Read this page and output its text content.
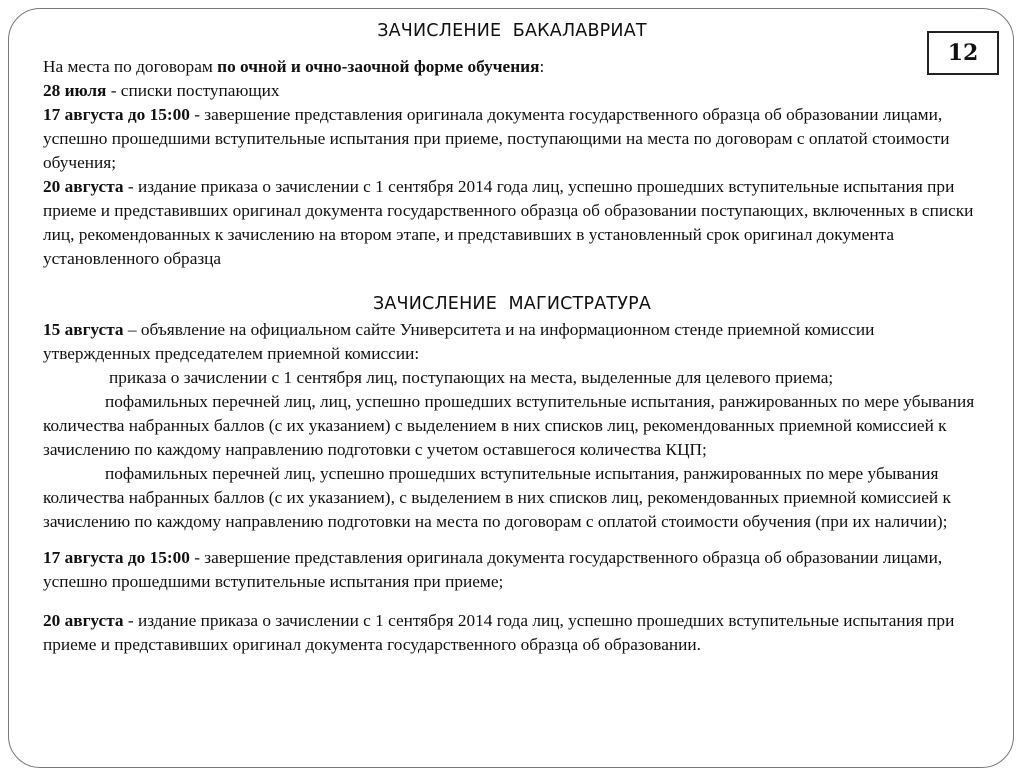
ЗАЧИСЛЕНИЕ  БАКАЛАВРИАТ
12

На места по договорам по очной и очно-заочной форме обучения:

28 июля - списки поступающих

17 августа до 15:00 - завершение представления оригинала документа государственного образца об образовании лицами, успешно прошедшими вступительные испытания при приеме, поступающими на места по договорам с оплатой стоимости обучения;

20 августа - издание приказа о зачислении с 1 сентября 2014 года лиц, успешно прошедших вступительные испытания при приеме и представивших оригинал документа государственного образца об образовании поступающих, включенных в списки лиц, рекомендованных к зачислению на втором этапе, и представивших в установленный срок оригинал документа установленного образца

ЗАЧИСЛЕНИЕ  МАГИСТРАТУРА

15 августа – объявление на официальном сайте Университета и на информационном стенде приемной комиссии утвержденных председателем приемной комиссии:

приказа о зачислении с 1 сентября лиц, поступающих на места, выделенные для целевого приема;

пофамильных перечней лиц, лиц, успешно прошедших вступительные испытания, ранжированных по мере убывания количества набранных баллов (с их указанием) с выделением в них списков лиц, рекомендованных приемной комиссией к зачислению по каждому направлению подготовки с учетом оставшегося количества КЦП;

пофамильных перечней лиц, успешно прошедших вступительные испытания, ранжированных по мере убывания количества набранных баллов (с их указанием), с выделением в них списков лиц, рекомендованных приемной комиссией к зачислению по каждому направлению подготовки на места по договорам с оплатой стоимости обучения (при их наличии);

17 августа до 15:00 - завершение представления оригинала документа государственного образца об образовании лицами, успешно прошедшими вступительные испытания при приеме;

20 августа - издание приказа о зачислении с 1 сентября 2014 года лиц, успешно прошедших вступительные испытания при приеме и представивших оригинал документа государственного образца об образовании.
